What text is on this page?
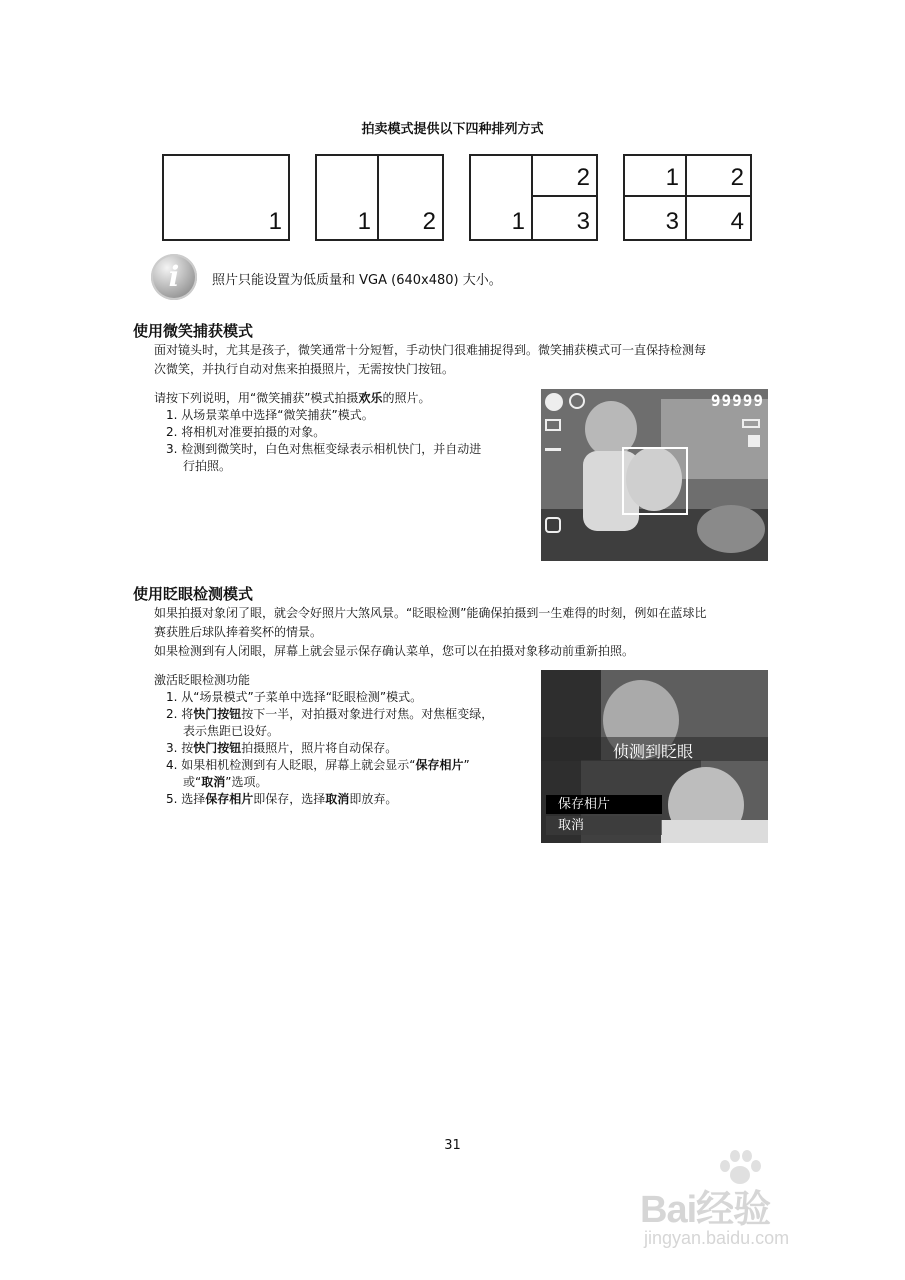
拍卖模式提供以下四种排列方式
1	1 2	1
2
3
1 2
3 4
i	照片只能设置为低质量和 VGA (640x480) 大小。
使用微笑捕获模式
面对镜头时，尤其是孩子，微笑通常十分短暂，手动快门很难捕捉得到。微笑捕获模式可一直保持检测每
次微笑，并执行自动对焦来拍摄照片，无需按快门按钮。
请按下列说明，用“微笑捕获”模式拍摄欢乐的照片。
1. 从场景菜单中选择“微笑捕获”模式。
2. 将相机对准要拍摄的对象。
3. 检测到微笑时，白色对焦框变绿表示相机快门，并自动进
行拍照。
99999
使用眨眼检测模式
如果拍摄对象闭了眼，就会令好照片大煞风景。“眨眼检测”能确保拍摄到一生难得的时刻，例如在蓝球比
赛获胜后球队捧着奖杯的情景。
如果检测到有人闭眼，屏幕上就会显示保存确认菜单，您可以在拍摄对象移动前重新拍照。
激活眨眼检测功能
1. 从“场景模式”子菜单中选择“眨眼检测”模式。
2. 将快门按钮按下一半，对拍摄对象进行对焦。对焦框变绿，
表示焦距已设好。
3. 按快门按钮拍摄照片，照片将自动保存。
4. 如果相机检测到有人眨眼，屏幕上就会显示“保存相片”
或“取消”选项。
5. 选择保存相片即保存，选择取消即放弃。
侦测到眨眼
保存相片
取消
31
Bai经验
jingyan.baidu.com
